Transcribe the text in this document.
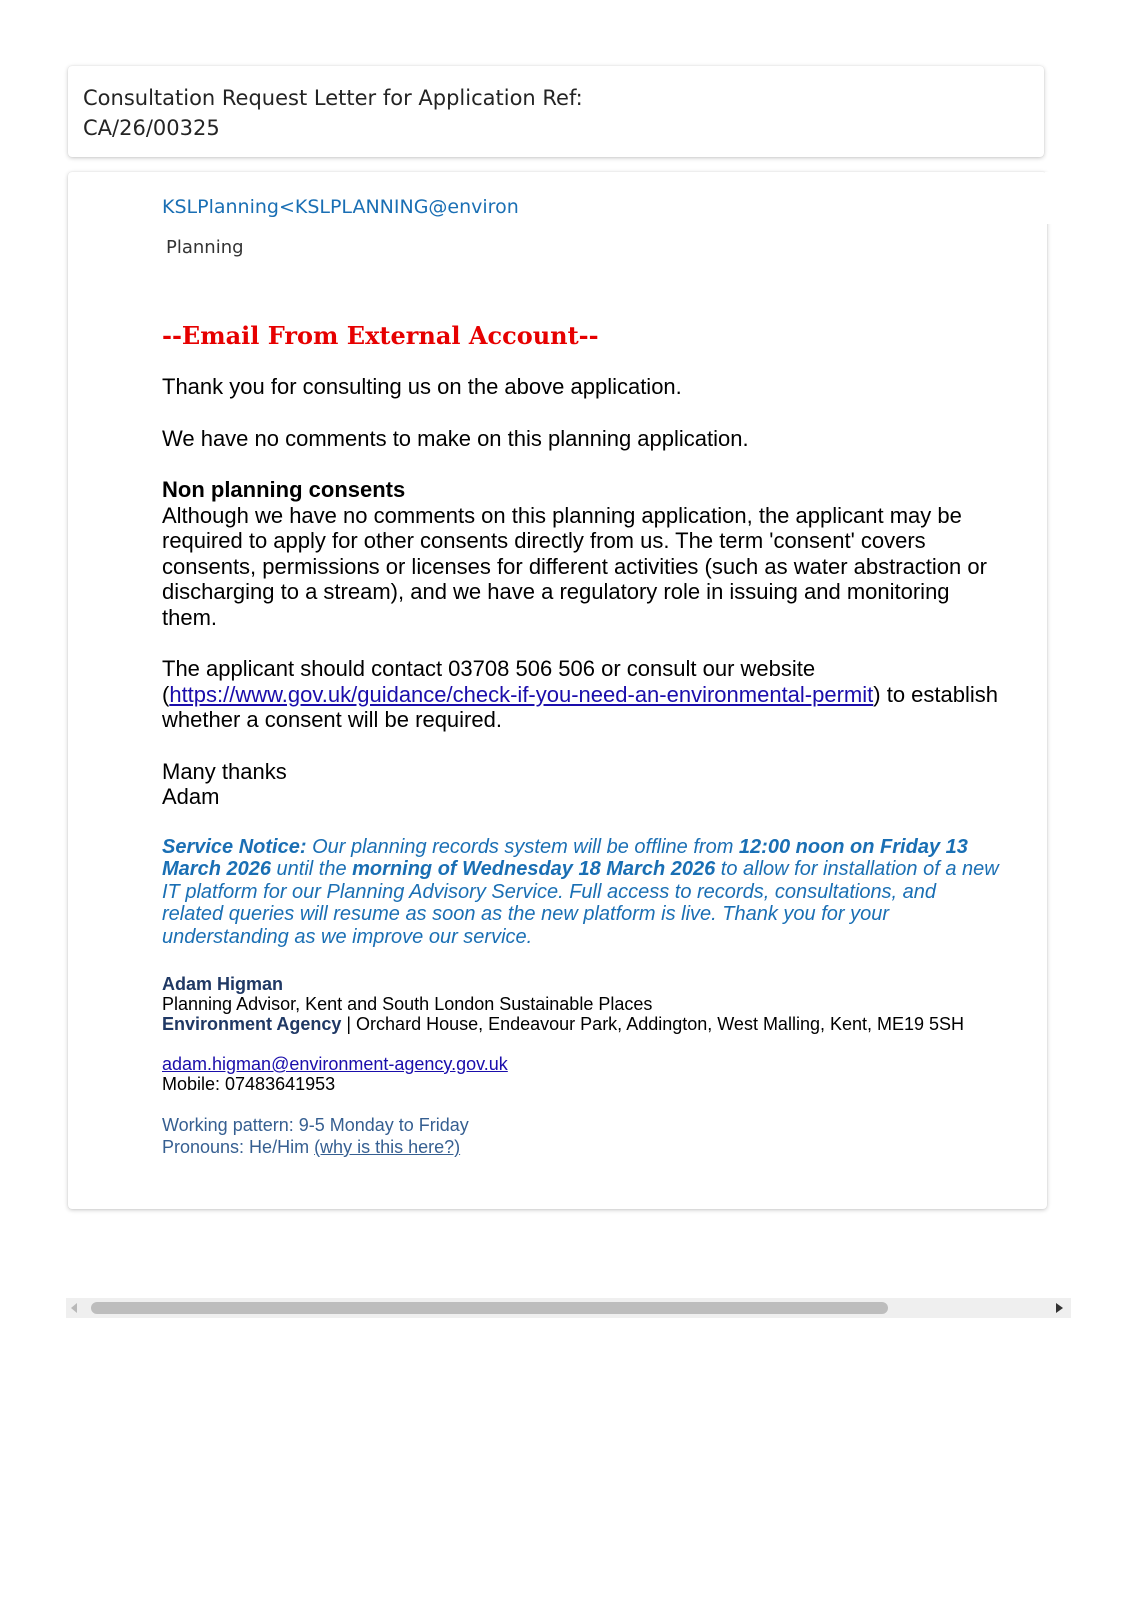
Consultation Request Letter for Application Ref: CA/26/00325
KSLPlanning<KSLPLANNING@environ
Planning

--Email From External Account--

Thank you for consulting us on the above application.

We have no comments to make on this planning application.

Non planning consents

Although we have no comments on this planning application, the applicant may be required to apply for other consents directly from us. The term 'consent' covers consents, permissions or licenses for different activities (such as water abstraction or discharging to a stream), and we have a regulatory role in issuing and monitoring them.

The applicant should contact 03708 506 506 or consult our website (https://www.gov.uk/guidance/check-if-you-need-an-environmental-permit) to establish whether a consent will be required.

Many thanks
Adam

Service Notice: Our planning records system will be offline from 12:00 noon on Friday 13 March 2026 until the morning of Wednesday 18 March 2026 to allow for installation of a new IT platform for our Planning Advisory Service. Full access to records, consultations, and related queries will resume as soon as the new platform is live. Thank you for your understanding as we improve our service.

Adam Higman
Planning Advisor, Kent and South London Sustainable Places
Environment Agency | Orchard House, Endeavour Park, Addington, West Malling, Kent, ME19 5SH
adam.higman@environment-agency.gov.uk
Mobile: 07483641953
Working pattern: 9-5 Monday to Friday
Pronouns: He/Him (why is this here?)
